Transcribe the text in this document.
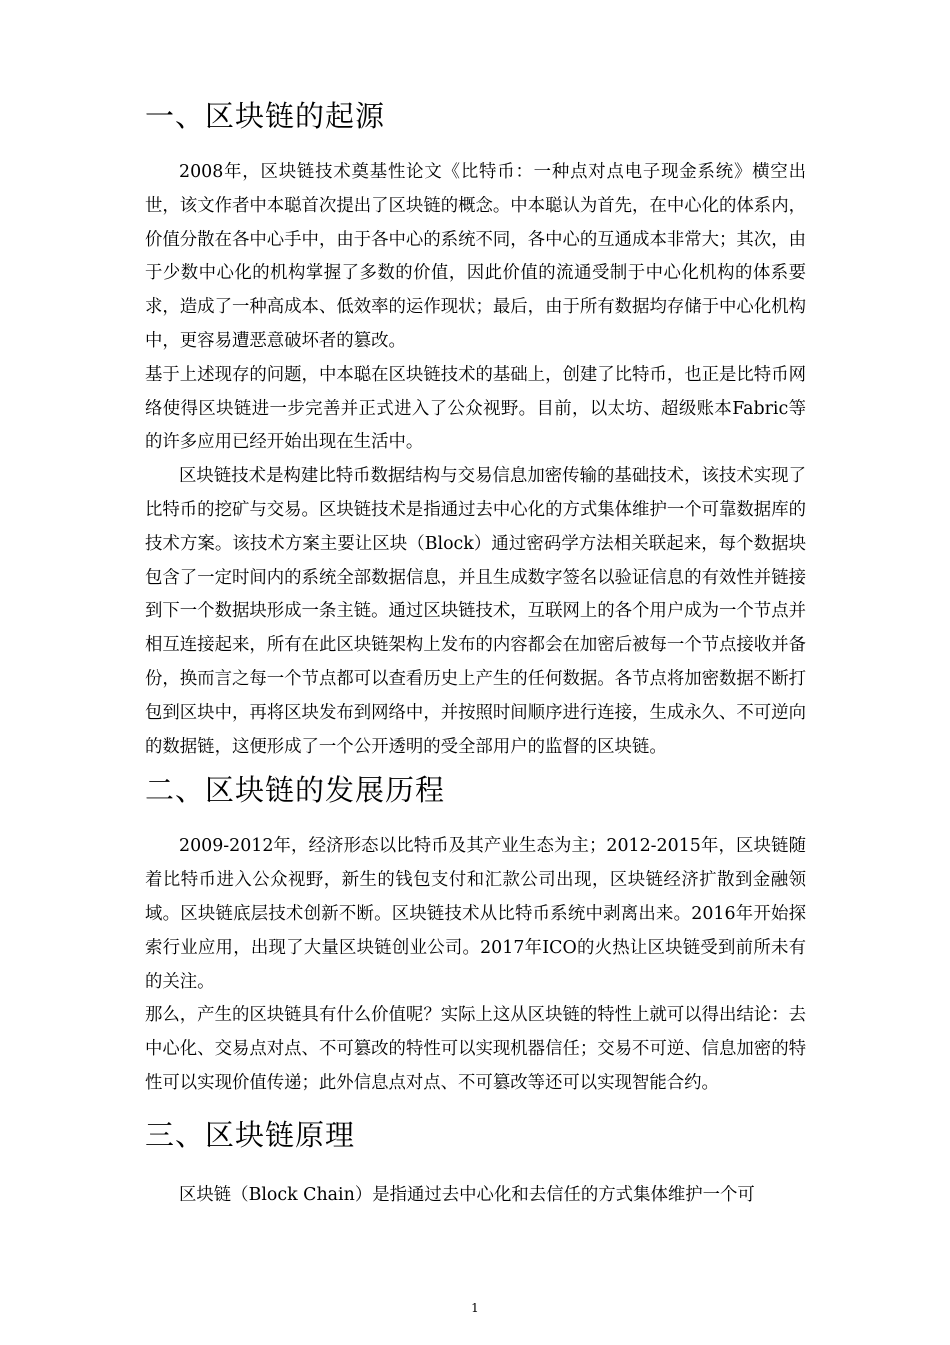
一、区块链的起源

2008年，区块链技术奠基性论文《比特币：一种点对点电子现金系统》横空出世，该文作者中本聪首次提出了区块链的概念。中本聪认为首先，在中心化的体系内，价值分散在各中心手中，由于各中心的系统不同，各中心的互通成本非常大；其次，由于少数中心化的机构掌握了多数的价值，因此价值的流通受制于中心化机构的体系要求，造成了一种高成本、低效率的运作现状；最后，由于所有数据均存储于中心化机构中，更容易遭恶意破坏者的篡改。

基于上述现存的问题，中本聪在区块链技术的基础上，创建了比特币，也正是比特币网络使得区块链进一步完善并正式进入了公众视野。目前，以太坊、超级账本Fabric等的许多应用已经开始出现在生活中。

区块链技术是构建比特币数据结构与交易信息加密传输的基础技术，该技术实现了比特币的挖矿与交易。区块链技术是指通过去中心化的方式集体维护一个可靠数据库的技术方案。该技术方案主要让区块（Block）通过密码学方法相关联起来，每个数据块包含了一定时间内的系统全部数据信息，并且生成数字签名以验证信息的有效性并链接到下一个数据块形成一条主链。通过区块链技术，互联网上的各个用户成为一个节点并相互连接起来，所有在此区块链架构上发布的内容都会在加密后被每一个节点接收并备份，换而言之每一个节点都可以查看历史上产生的任何数据。各节点将加密数据不断打包到区块中，再将区块发布到网络中，并按照时间顺序进行连接，生成永久、不可逆向的数据链，这便形成了一个公开透明的受全部用户的监督的区块链。

二、区块链的发展历程

2009-2012年，经济形态以比特币及其产业生态为主；2012-2015年，区块链随着比特币进入公众视野，新生的钱包支付和汇款公司出现，区块链经济扩散到金融领域。区块链底层技术创新不断。区块链技术从比特币系统中剥离出来。2016年开始探索行业应用，出现了大量区块链创业公司。2017年ICO的火热让区块链受到前所未有的关注。

那么，产生的区块链具有什么价值呢？实际上这从区块链的特性上就可以得出结论：去中心化、交易点对点、不可篡改的特性可以实现机器信任；交易不可逆、信息加密的特性可以实现价值传递；此外信息点对点、不可篡改等还可以实现智能合约。

三、区块链原理

区块链（Block Chain）是指通过去中心化和去信任的方式集体维护一个可

1
